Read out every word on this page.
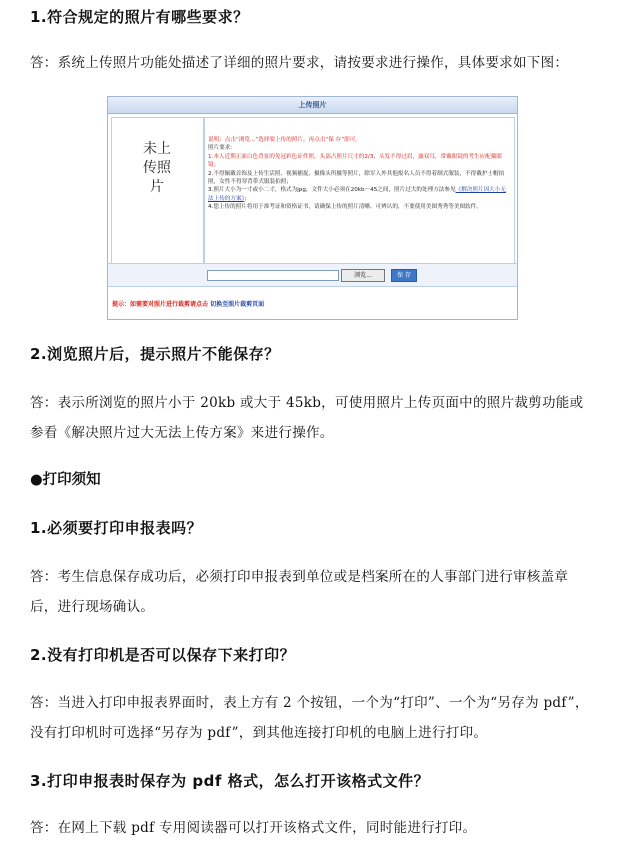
1.符合规定的照片有哪些要求？
答：系统上传照片功能处描述了详细的照片要求，请按要求进行操作，具体要求如下图：
上传照片
未上传照片
说明：点击“浏览...”选择要上传的照片，再点击“保 存”即可。
照片要求：
1.本人近期正面白色背景的免冠彩色证件照，头部占照片尺寸的2/3，头发不得过眉，露双耳，常戴眼镜的考生应配戴眼镜；
2.不得佩戴首饰及上传生活照、视频捕捉、摄像头所摄等照片，除军人外其他报名人员不得着制式服装，不得戴护士帽拍照，女性不得穿背带式服装拍照；
3.照片大小为一寸或小二寸，格式为jpg，文件大小必须在20kb－45之间，照片过大的处理方法参见《解决照片因大小无法上传的方案》；
4.您上传的照片将用于准考证和资格证书，请确保上传的照片清晰、可辨认的，不要使用美图秀秀等美图软件。
浏览...	保 存
提示：如需要对照片进行裁剪请点击 切换至照片裁剪页面
2.浏览照片后，提示照片不能保存？
答：表示所浏览的照片小于 20kb 或大于 45kb，可使用照片上传页面中的照片裁剪功能或参看《解决照片过大无法上传方案》来进行操作。
●打印须知
1.必须要打印申报表吗？
答：考生信息保存成功后，必须打印申报表到单位或是档案所在的人事部门进行审核盖章后，进行现场确认。
2.没有打印机是否可以保存下来打印？
答：当进入打印申报表界面时，表上方有 2 个按钮，一个为“打印”、一个为“另存为 pdf”，没有打印机时可选择“另存为 pdf”，到其他连接打印机的电脑上进行打印。
3.打印申报表时保存为 pdf 格式，怎么打开该格式文件？
答：在网上下载 pdf 专用阅读器可以打开该格式文件，同时能进行打印。
